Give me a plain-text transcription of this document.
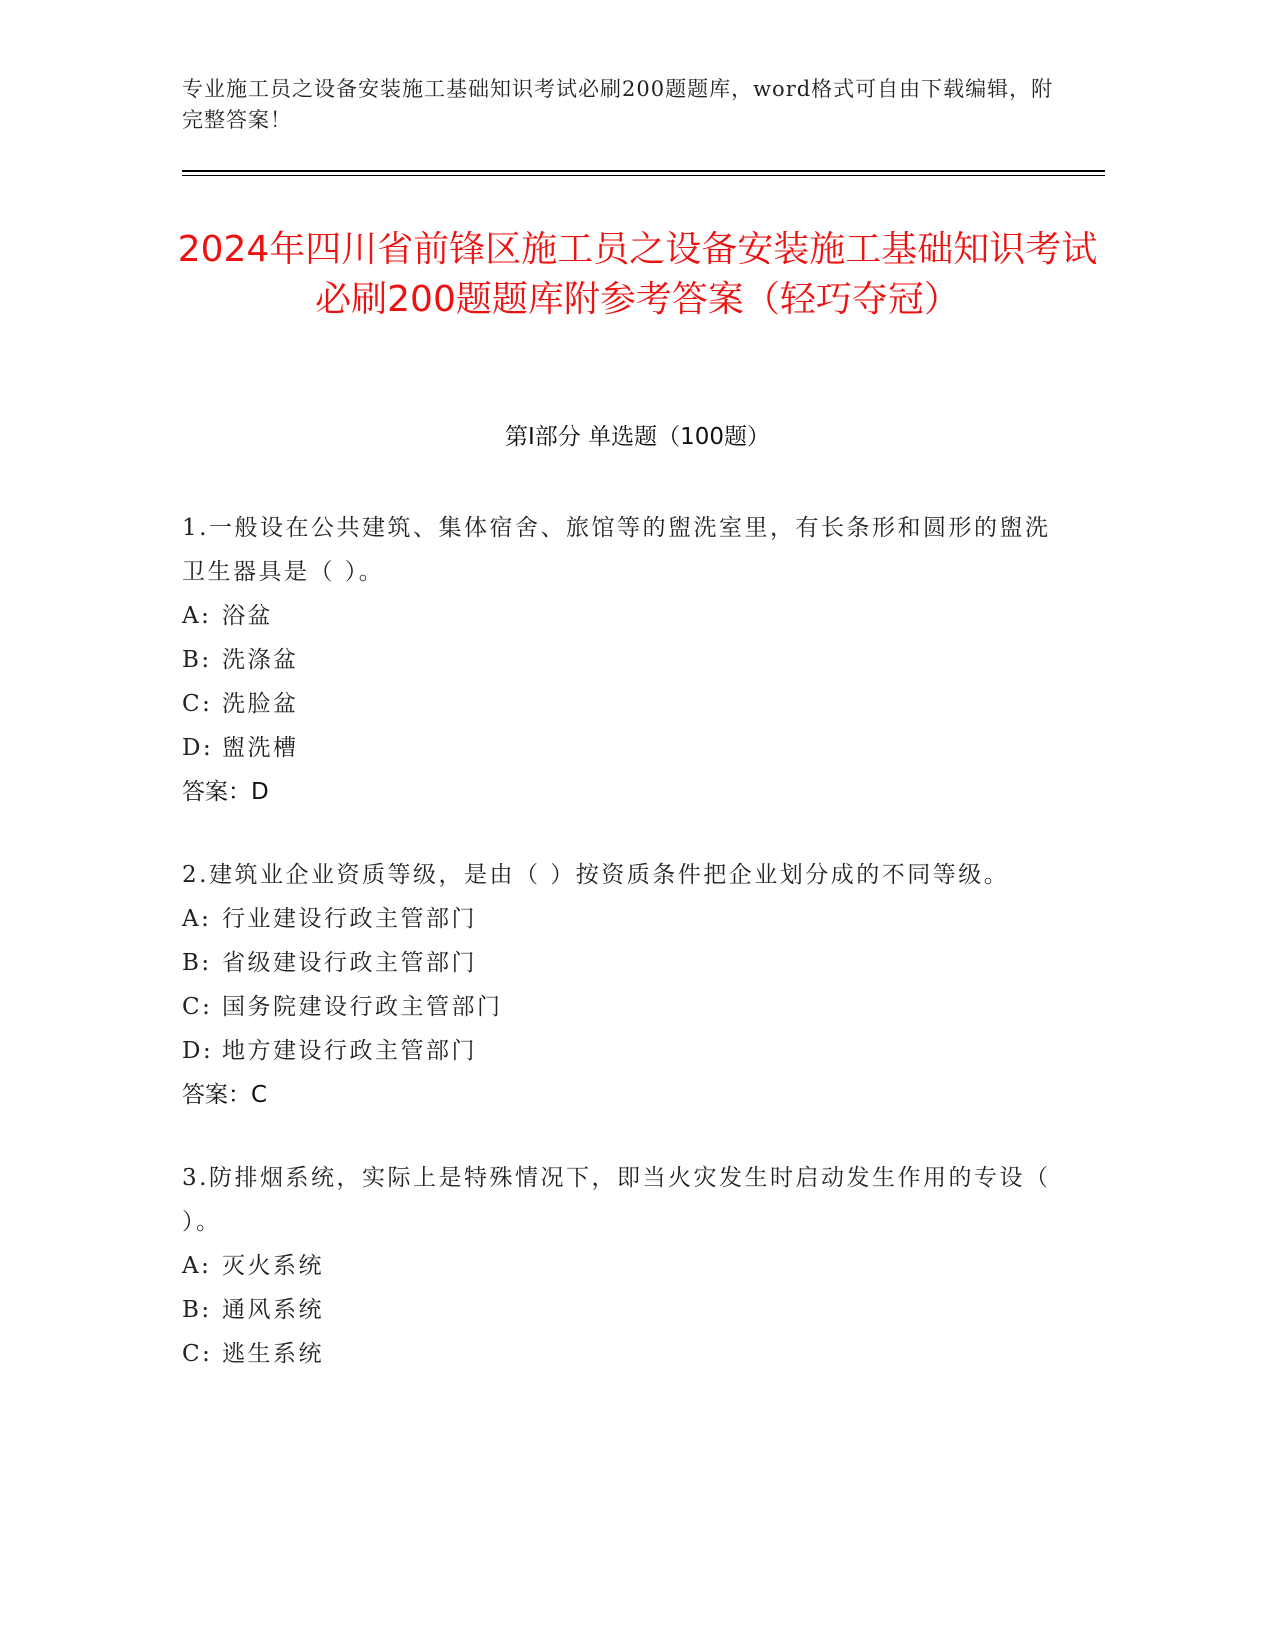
专业施工员之设备安装施工基础知识考试必刷200题题库，word格式可自由下载编辑，附完整答案！
2024年四川省前锋区施工员之设备安装施工基础知识考试必刷200题题库附参考答案（轻巧夺冠）
第Ⅰ部分 单选题（100题）
1.一般设在公共建筑、集体宿舍、旅馆等的盥洗室里，有长条形和圆形的盥洗卫生器具是（ ）。
A: 浴盆
B: 洗涤盆
C: 洗脸盆
D: 盥洗槽
答案：D
2.建筑业企业资质等级，是由（ ）按资质条件把企业划分成的不同等级。
A: 行业建设行政主管部门
B: 省级建设行政主管部门
C: 国务院建设行政主管部门
D: 地方建设行政主管部门
答案：C
3.防排烟系统，实际上是特殊情况下，即当火灾发生时启动发生作用的专设（ ）。
A: 灭火系统
B: 通风系统
C: 逃生系统
